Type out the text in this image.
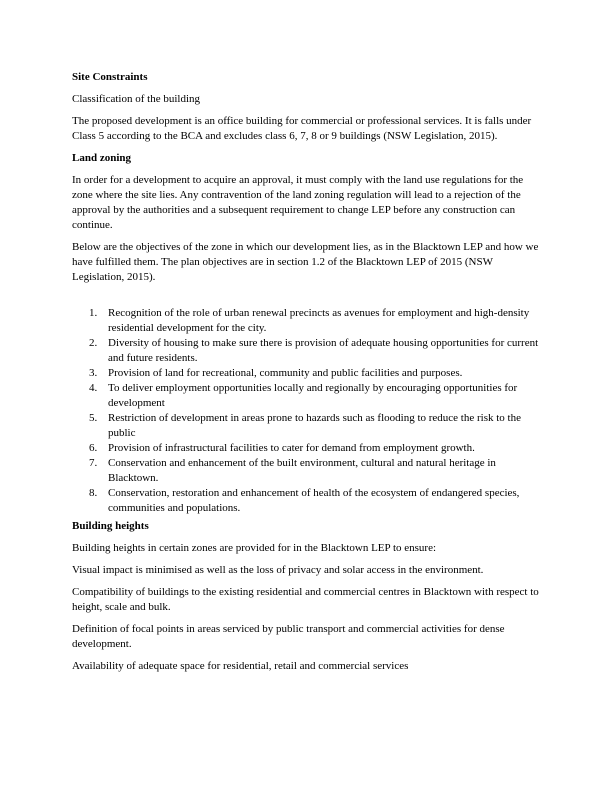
Site Constraints

Classification of the building

The proposed development is an office building for commercial or professional services. It is falls under Class 5 according to the BCA and excludes class 6, 7, 8 or 9 buildings (NSW Legislation, 2015).

Land zoning

In order for a development to acquire an approval, it must comply with the land use regulations for the zone where the site lies. Any contravention of the land zoning regulation will lead to a rejection of the approval by the authorities and a subsequent requirement to change LEP before any construction can continue.

Below are the objectives of the zone in which our development lies, as in the Blacktown LEP and how we have fulfilled them. The plan objectives are in section 1.2 of the Blacktown LEP of 2015 (NSW Legislation, 2015).

1. Recognition of the role of urban renewal precincts as avenues for employment and high-density residential development for the city.
2. Diversity of housing to make sure there is provision of adequate housing opportunities for current and future residents.
3. Provision of land for recreational, community and public facilities and purposes.
4. To deliver employment opportunities locally and regionally by encouraging opportunities for development
5. Restriction of development in areas prone to hazards such as flooding to reduce the risk to the public
6. Provision of infrastructural facilities to cater for demand from employment growth.
7. Conservation and enhancement of the built environment, cultural and natural heritage in Blacktown.
8. Conservation, restoration and enhancement of health of the ecosystem of endangered species, communities and populations.

Building heights

Building heights in certain zones are provided for in the Blacktown LEP to ensure:

Visual impact is minimised as well as the loss of privacy and solar access in the environment.

Compatibility of buildings to the existing residential and commercial centres in Blacktown with respect to height, scale and bulk.

Definition of focal points in areas serviced by public transport and commercial activities for dense development.

Availability of adequate space for residential, retail and commercial services
